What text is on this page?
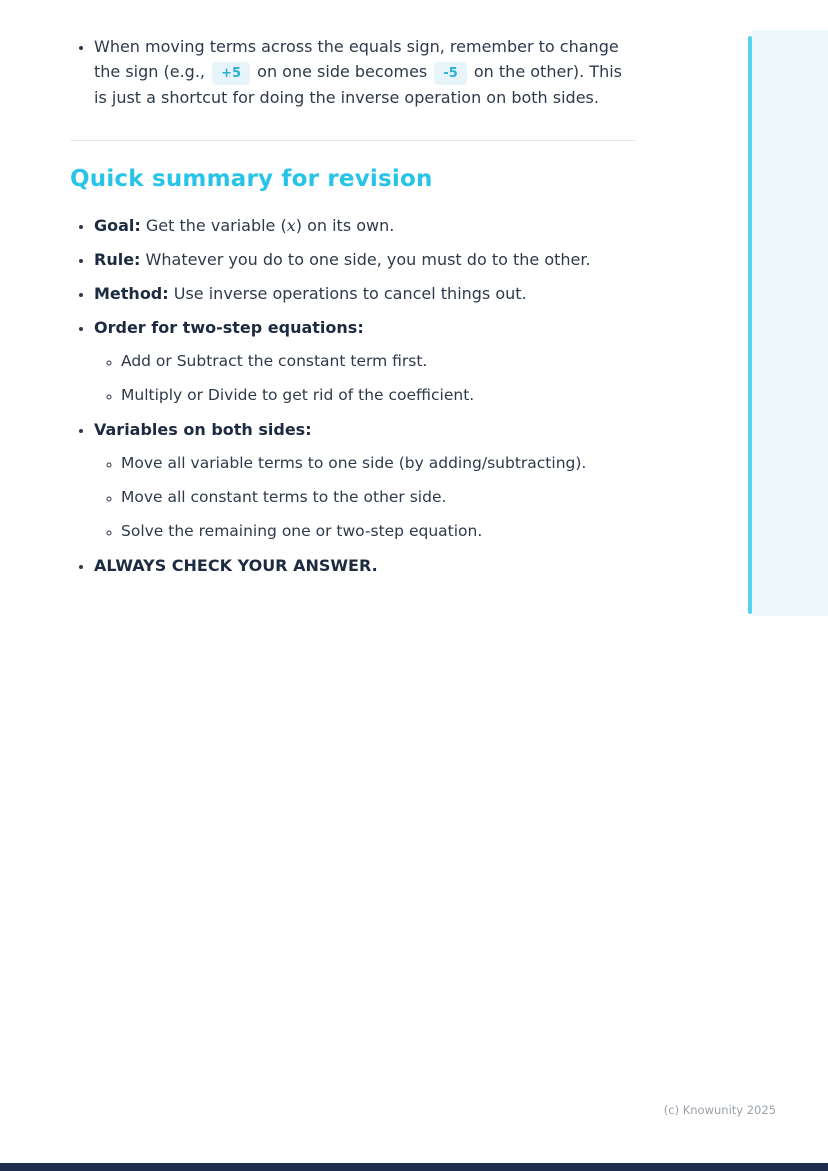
• When moving terms across the equals sign, remember to change the sign (e.g., +5 on one side becomes -5 on the other). This is just a shortcut for doing the inverse operation on both sides.
Quick summary for revision
• Goal: Get the variable (x) on its own.
• Rule: Whatever you do to one side, you must do to the other.
• Method: Use inverse operations to cancel things out.
• Order for two-step equations:
◦ Add or Subtract the constant term first.
◦ Multiply or Divide to get rid of the coefficient.
• Variables on both sides:
◦ Move all variable terms to one side (by adding/subtracting).
◦ Move all constant terms to the other side.
◦ Solve the remaining one or two-step equation.
• ALWAYS CHECK YOUR ANSWER.
(c) Knowunity 2025
